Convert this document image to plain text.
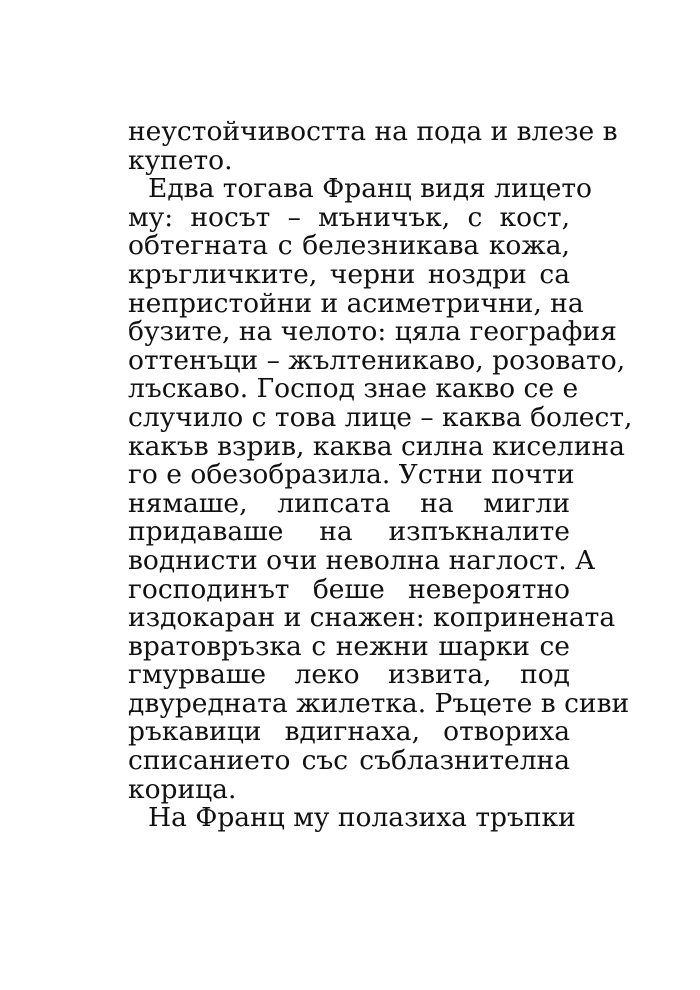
неустойчивостта на пода и влезе в
купето.
Едва тогава Франц видя лицето
му: носът – мъничък, с кост,
обтегната с белезникава кожа,
кръгличките, черни ноздри са
непристойни и асиметрични, на
бузите, на челото: цяла география
оттенъци – жълтеникаво, розовато,
лъскаво. Господ знае какво се е
случило с това лице – каква болест,
какъв взрив, каква силна киселина
го е обезобразила. Устни почти
нямаше, липсата на мигли
придаваше на изпъкналите
воднисти очи неволна наглост. А
господинът беше невероятно
издокаран и снажен: копринената
вратовръзка с нежни шарки се
гмурваше леко извита, под
двуредната жилетка. Ръцете в сиви
ръкавици вдигнаха, отвориха
списанието със съблазнителна
корица.
На Франц му полазиха тръпки
